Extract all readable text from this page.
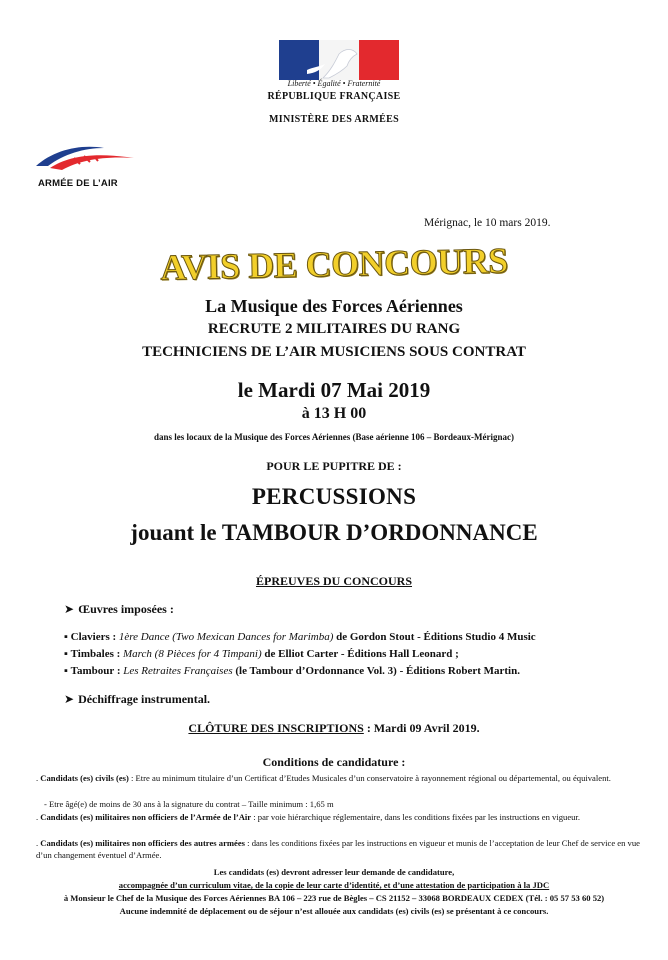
Liberté • Égalité • Fraternité
RÉPUBLIQUE FRANÇAISE
MINISTÈRE DES ARMÉES
ARMÉE DE L’AIR
Mérignac, le 10 mars 2019.
AVIS DE CONCOURS
La Musique des Forces Aériennes
RECRUTE 2 MILITAIRES DU RANG
TECHNICIENS DE L’AIR MUSICIENS SOUS CONTRAT
le Mardi 07 Mai 2019
à 13 H 00
dans les locaux de la Musique des Forces Aériennes (Base aérienne 106 – Bordeaux-Mérignac)
POUR LE PUPITRE DE :
PERCUSSIONS
jouant le TAMBOUR D’ORDONNANCE
ÉPREUVES DU CONCOURS
➤ Œuvres imposées :
▪ Claviers : 1ère Dance (Two Mexican Dances for Marimba) de Gordon Stout - Éditions Studio 4 Music
▪ Timbales : March (8 Pièces for 4 Timpani) de Elliot Carter - Éditions Hall Leonard ;
▪ Tambour : Les Retraites Françaises (le Tambour d’Ordonnance Vol. 3) - Éditions Robert Martin.
➤ Déchiffrage instrumental.
CLÔTURE DES INSCRIPTIONS : Mardi 09 Avril 2019.
Conditions de candidature :
. Candidats (es) civils (es) : Etre au minimum titulaire d’un Certificat d’Etudes Musicales d’un conservatoire à rayonnement régional ou départemental, ou équivalent.
- Etre âgé(e) de moins de 30 ans à la signature du contrat – Taille minimum : 1,65 m
. Candidats (es) militaires non officiers de l’Armée de l’Air : par voie hiérarchique réglementaire, dans les conditions fixées par les instructions en vigueur.
. Candidats (es) militaires non officiers des autres armées : dans les conditions fixées par les instructions en vigueur et munis de l’acceptation de leur Chef de service en vue d’un changement éventuel d’Armée.
Les candidats (es) devront adresser leur demande de candidature,
accompagnée d’un curriculum vitae, de la copie de leur carte d’identité, et d’une attestation de participation à la JDC
à Monsieur le Chef de la Musique des Forces Aériennes BA 106 – 223 rue de Bègles – CS 21152 – 33068 BORDEAUX CEDEX (Tél. : 05 57 53 60 52)
Aucune indemnité de déplacement ou de séjour n’est allouée aux candidats (es) civils (es) se présentant à ce concours.
